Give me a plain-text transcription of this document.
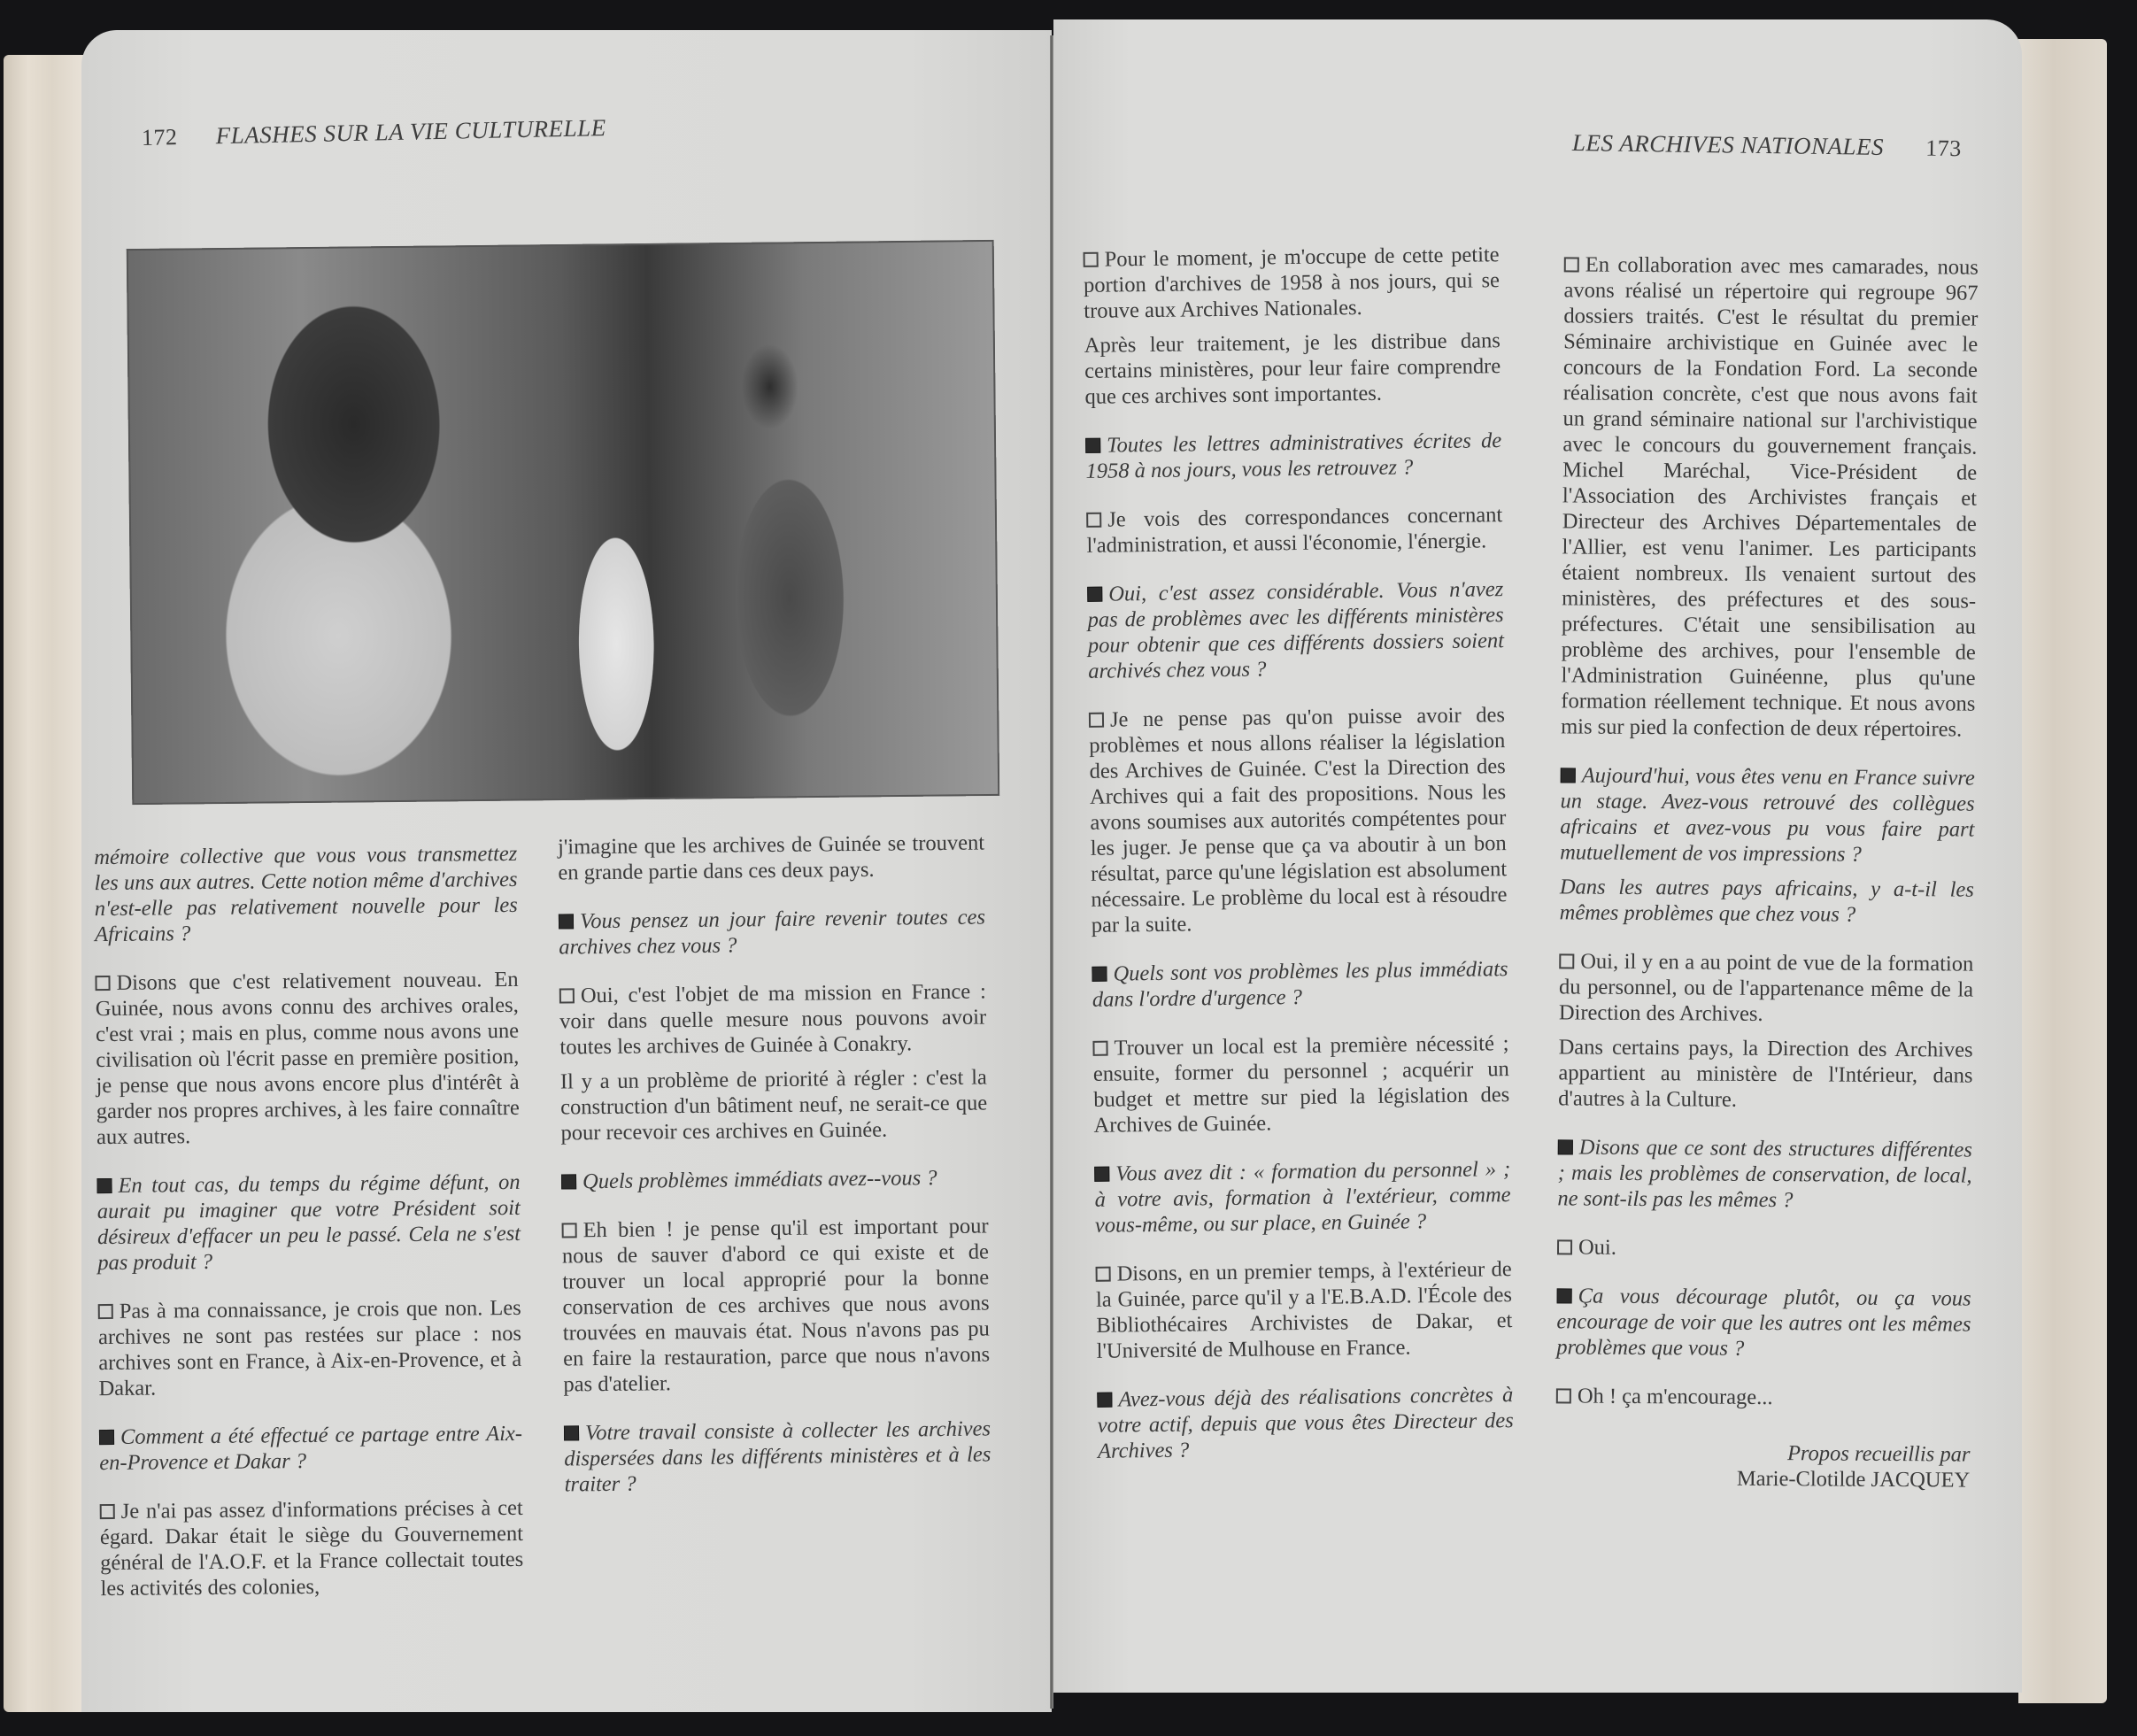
172 FLASHES SUR LA VIE CULTURELLE	LES ARCHIVES NATIONALES 173

mémoire collective que vous vous transmettez les uns aux autres. Cette notion même d'archives n'est-elle pas relativement nouvelle pour les Africains ?

Disons que c'est relativement nouveau. En Guinée, nous avons connu des archives orales, c'est vrai ; mais en plus, comme nous avons une civilisation où l'écrit passe en première position, je pense que nous avons encore plus d'intérêt à garder nos propres archives, à les faire connaître aux autres.

En tout cas, du temps du régime défunt, on aurait pu imaginer que votre Président soit désireux d'effacer un peu le passé. Cela ne s'est pas produit ?

Pas à ma connaissance, je crois que non. Les archives ne sont pas restées sur place : nos archives sont en France, à Aix-en-Provence, et à Dakar.

Comment a été effectué ce partage entre Aix-en-Provence et Dakar ?

Je n'ai pas assez d'informations précises à cet égard. Dakar était le siège du Gouvernement général de l'A.O.F. et la France collectait toutes les activités des colonies,

j'imagine que les archives de Guinée se trouvent en grande partie dans ces deux pays.

Vous pensez un jour faire revenir toutes ces archives chez vous ?

Oui, c'est l'objet de ma mission en France : voir dans quelle mesure nous pouvons avoir toutes les archives de Guinée à Conakry.

Il y a un problème de priorité à régler : c'est la construction d'un bâtiment neuf, ne serait-ce que pour recevoir ces archives en Guinée.

Quels problèmes immédiats avez--vous ?

Eh bien ! je pense qu'il est important pour nous de sauver d'abord ce qui existe et de trouver un local approprié pour la bonne conservation de ces archives que nous avons trouvées en mauvais état. Nous n'avons pas pu en faire la restauration, parce que nous n'avons pas d'atelier.

Votre travail consiste à collecter les archives dispersées dans les différents ministères et à les traiter ?

Pour le moment, je m'occupe de cette petite portion d'archives de 1958 à nos jours, qui se trouve aux Archives Nationales.

Après leur traitement, je les distribue dans certains ministères, pour leur faire comprendre que ces archives sont importantes.

Toutes les lettres administratives écrites de 1958 à nos jours, vous les retrouvez ?

Je vois des correspondances concernant l'administration, et aussi l'économie, l'énergie.

Oui, c'est assez considérable. Vous n'avez pas de problèmes avec les différents ministères pour obtenir que ces différents dossiers soient archivés chez vous ?

Je ne pense pas qu'on puisse avoir des problèmes et nous allons réaliser la législation des Archives de Guinée. C'est la Direction des Archives qui a fait des propositions. Nous les avons soumises aux autorités compétentes pour les juger. Je pense que ça va aboutir à un bon résultat, parce qu'une législation est absolument nécessaire. Le problème du local est à résoudre par la suite.

Quels sont vos problèmes les plus immédiats dans l'ordre d'urgence ?

Trouver un local est la première nécessité ; ensuite, former du personnel ; acquérir un budget et mettre sur pied la législation des Archives de Guinée.

Vous avez dit : « formation du personnel » ; à votre avis, formation à l'extérieur, comme vous-même, ou sur place, en Guinée ?

Disons, en un premier temps, à l'extérieur de la Guinée, parce qu'il y a l'E.B.A.D. l'École des Bibliothécaires Archivistes de Dakar, et l'Université de Mulhouse en France.

Avez-vous déjà des réalisations concrètes à votre actif, depuis que vous êtes Directeur des Archives ?

En collaboration avec mes camarades, nous avons réalisé un répertoire qui regroupe 967 dossiers traités. C'est le résultat du premier Séminaire archivistique en Guinée avec le concours de la Fondation Ford. La seconde réalisation concrète, c'est que nous avons fait un grand séminaire national sur l'archivistique avec le concours du gouvernement français. Michel Maréchal, Vice-Président de l'Association des Archivistes français et Directeur des Archives Départementales de l'Allier, est venu l'animer. Les participants étaient nombreux. Ils venaient surtout des ministères, des préfectures et des sous-préfectures. C'était une sensibilisation au problème des archives, pour l'ensemble de l'Administration Guinéenne, plus qu'une formation réellement technique. Et nous avons mis sur pied la confection de deux répertoires.

Aujourd'hui, vous êtes venu en France suivre un stage. Avez-vous retrouvé des collègues africains et avez-vous pu vous faire part mutuellement de vos impressions ?

Dans les autres pays africains, y a-t-il les mêmes problèmes que chez vous ?

Oui, il y en a au point de vue de la formation du personnel, ou de l'appartenance même de la Direction des Archives.

Dans certains pays, la Direction des Archives appartient au ministère de l'Intérieur, dans d'autres à la Culture.

Disons que ce sont des structures différentes ; mais les problèmes de conservation, de local, ne sont-ils pas les mêmes ?

Oui.

Ça vous décourage plutôt, ou ça vous encourage de voir que les autres ont les mêmes problèmes que vous ?

Oh ! ça m'encourage...

Propos recueillis par
Marie-Clotilde JACQUEY
